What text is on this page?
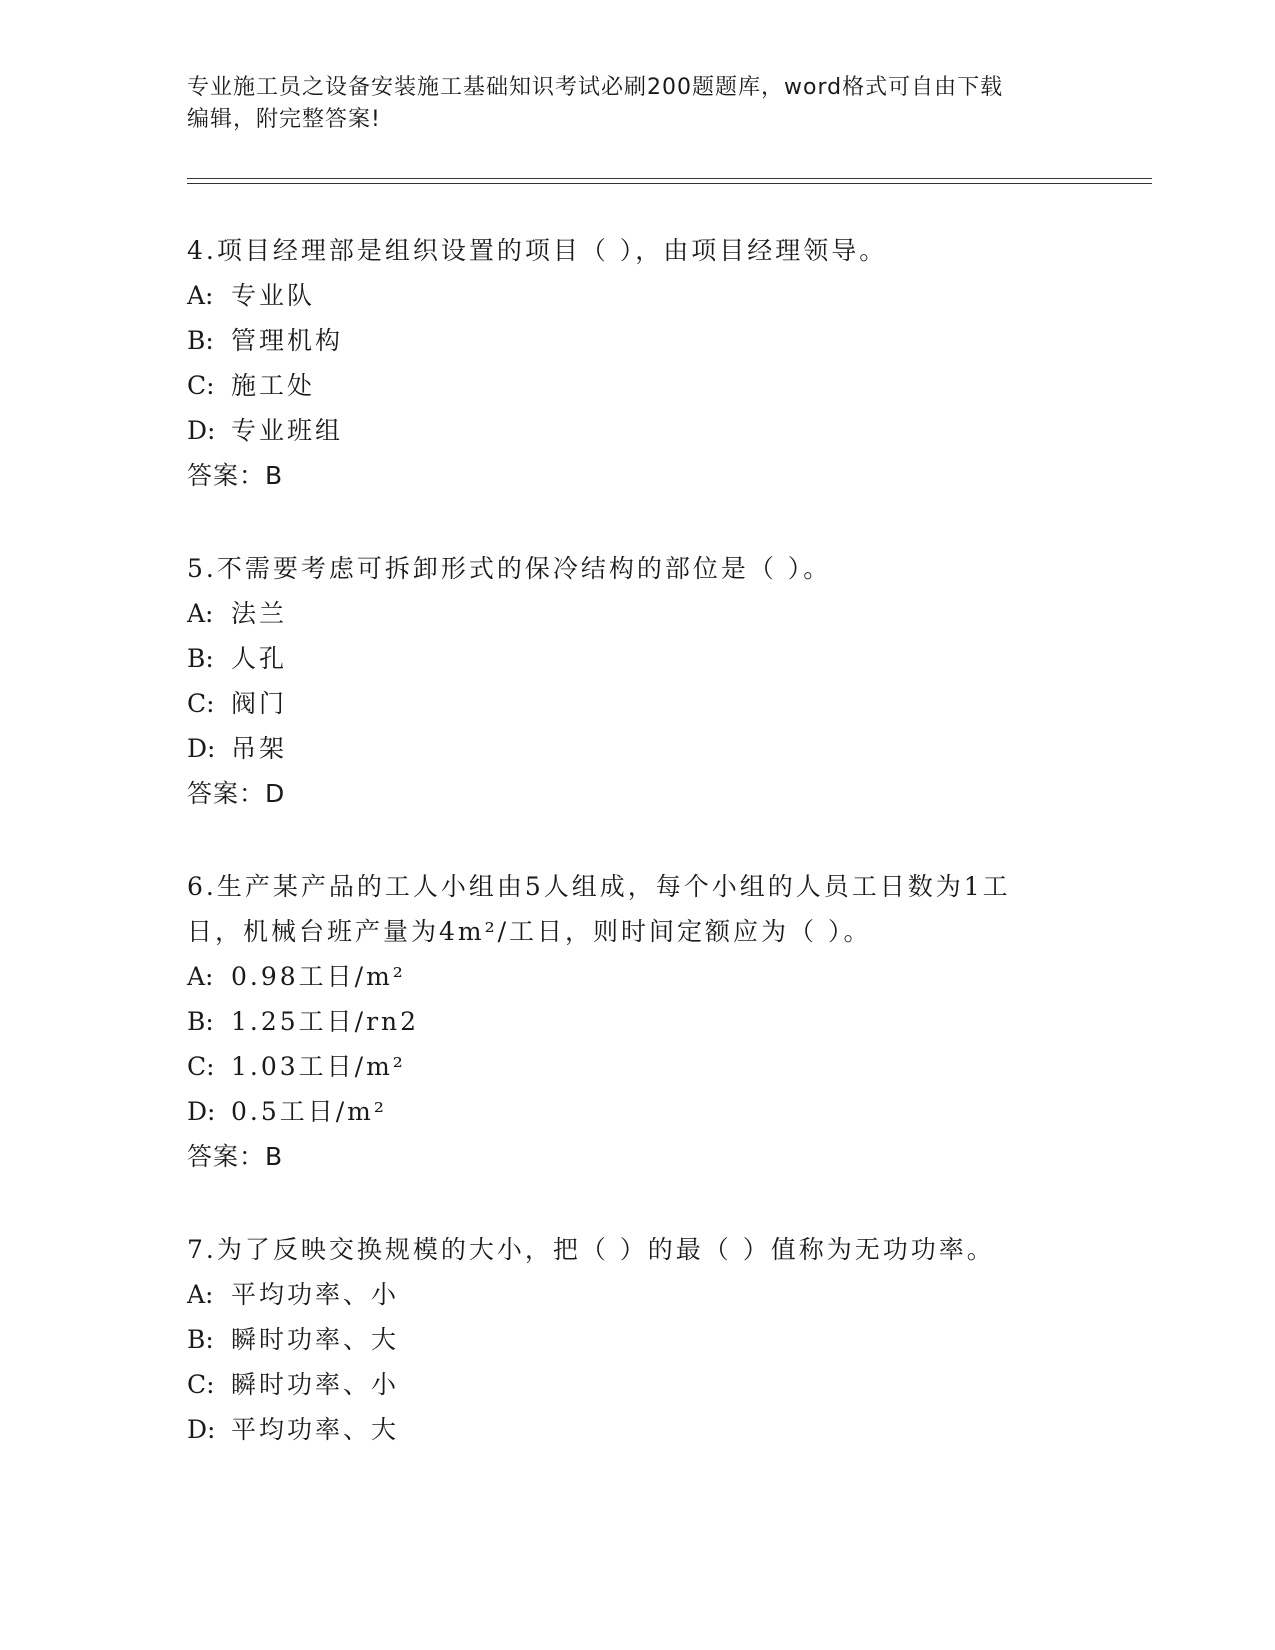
专业施工员之设备安装施工基础知识考试必刷200题题库，word格式可自由下载
编辑，附完整答案!
4.项目经理部是组织设置的项目（ ），由项目经理领导。
A: 专业队
B: 管理机构
C: 施工处
D: 专业班组
答案：B
5.不需要考虑可拆卸形式的保冷结构的部位是（ ）。
A: 法兰
B: 人孔
C: 阀门
D: 吊架
答案：D
6.生产某产品的工人小组由5人组成，每个小组的人员工日数为1工
日，机械台班产量为4m²/工日，则时间定额应为（ ）。
A: 0.98工日/m²
B: 1.25工日/rn2
C: 1.03工日/m²
D: 0.5工日/m²
答案：B
7.为了反映交换规模的大小，把（ ）的最（ ）值称为无功功率。
A: 平均功率、小
B: 瞬时功率、大
C: 瞬时功率、小
D: 平均功率、大
